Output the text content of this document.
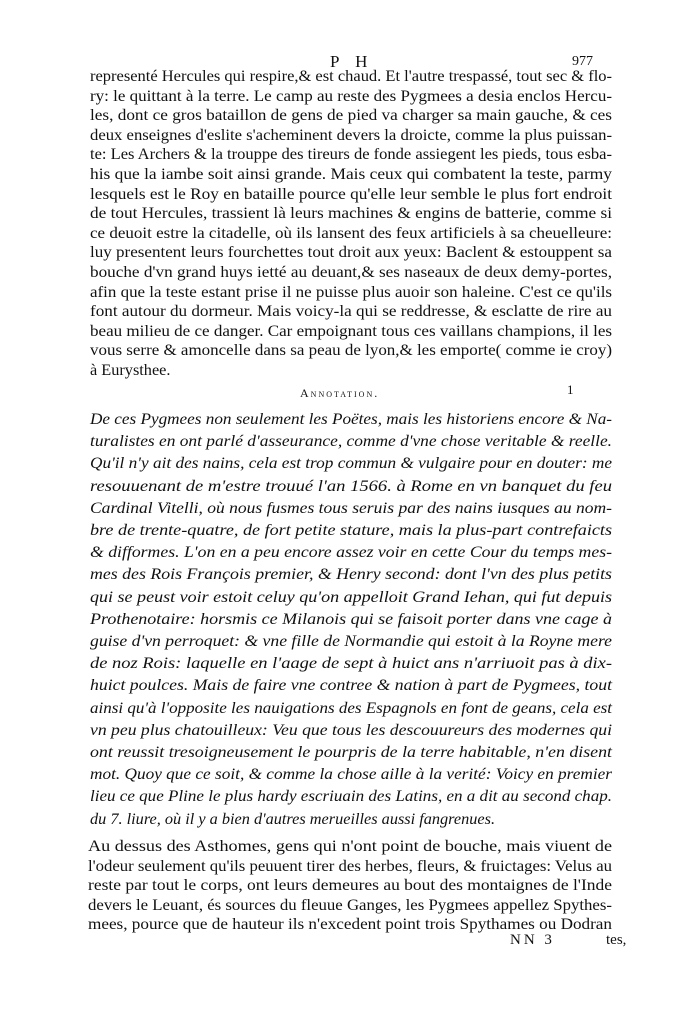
P H	977
representé Hercules qui respire,& est chaud. Et l'autre trespassé, tout sec & flo-
ry: le quittant à la terre. Le camp au reste des Pygmees a desia enclos Hercu-
les, dont ce gros bataillon de gens de pied va charger sa main gauche, & ces
deux enseignes d'eslite s'acheminent devers la droicte, comme la plus puissan-
te: Les Archers & la trouppe des tireurs de fonde assiegent les pieds, tous esba-
his que la iambe soit ainsi grande. Mais ceux qui combatent la teste, parmy
lesquels est le Roy en bataille pource qu'elle leur semble le plus fort endroit
de tout Hercules, trassient là leurs machines & engins de batterie, comme si
ce deuoit estre la citadelle, où ils lansent des feux artificiels à sa cheuelleure:
luy presentent leurs fourchettes tout droit aux yeux: Baclent & estouppent sa
bouche d'vn grand huys ietté au deuant,& ses naseaux de deux demy-portes,
afin que la teste estant prise il ne puisse plus auoir son haleine. C'est ce qu'ils
font autour du dormeur. Mais voicy-la qui se reddresse, & esclatte de rire au
beau milieu de ce danger. Car empoignant tous ces vaillans champions, il les
vous serre & amoncelle dans sa peau de lyon,& les emporte( comme ie croy)
à Eurysthee.
Annotation.	1
De ces Pygmees non seulement les Poëtes, mais les historiens encore & Na-
turalistes en ont parlé d'asseurance, comme d'vne chose veritable & reelle.
Qu'il n'y ait des nains, cela est trop commun & vulgaire pour en douter: me
resouuenant de m'estre trouué l'an 1566. à Rome en vn banquet du feu
Cardinal Vitelli, où nous fusmes tous seruis par des nains iusques au nom-
bre de trente-quatre, de fort petite stature, mais la plus-part contrefaicts
& difformes. L'on en a peu encore assez voir en cette Cour du temps mes-
mes des Rois François premier, & Henry second: dont l'vn des plus petits
qui se peust voir estoit celuy qu'on appelloit Grand Iehan, qui fut depuis
Prothenotaire: horsmis ce Milanois qui se faisoit porter dans vne cage à
guise d'vn perroquet: & vne fille de Normandie qui estoit à la Royne mere
de noz Rois: laquelle en l'aage de sept à huict ans n'arriuoit pas à dix-
huict poulces. Mais de faire vne contree & nation à part de Pygmees, tout
ainsi qu'à l'opposite les nauigations des Espagnols en font de geans, cela est
vn peu plus chatouilleux: Veu que tous les descouureurs des modernes qui
ont reussit tresoigneusement le pourpris de la terre habitable, n'en disent
mot. Quoy que ce soit, & comme la chose aille à la verité: Voicy en premier
lieu ce que Pline le plus hardy escriuain des Latins, en a dit au second chap.
du 7. liure, où il y a bien d'autres merueilles aussi fangrenues.
Au dessus des Asthomes, gens qui n'ont point de bouche, mais viuent de
l'odeur seulement qu'ils peuuent tirer des herbes, fleurs, & fruictages: Velus au
reste par tout le corps, ont leurs demeures au bout des montaignes de l'Inde
devers le Leuant, és sources du fleuue Ganges, les Pygmees appellez Spythes-
mees, pource que de hauteur ils n'excedent point trois Spythames ou Dodran
NN 3	tes,
